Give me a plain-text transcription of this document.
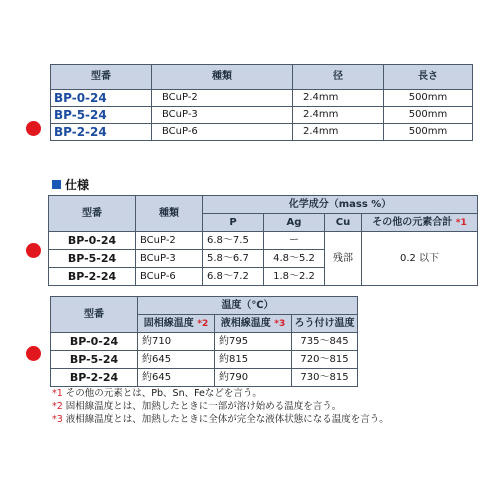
型番	種類	径	長さ
BP-0-24	BCuP-2	2.4mm	500mm
BP-5-24	BCuP-3	2.4mm	500mm
BP-2-24	BCuP-6	2.4mm	500mm
仕様
型番	種類	化学成分（mass %）			
		P	Ag	Cu	その他の元素合計 *1
BP-0-24	BCuP-2	6.8～7.5	ー	残部	0.2 以下
BP-5-24	BCuP-3	5.8～6.7	4.8～5.2		
BP-2-24	BCuP-6	6.8～7.2	1.8～2.2		
型番	温度（℃）		
	固相線温度 *2	液相線温度 *3	ろう付け温度
BP-0-24	約710	約795	735～845
BP-5-24	約645	約815	720～815
BP-2-24	約645	約790	730～815
*1 その他の元素とは、Pb、Sn、Feなどを言う。
*2 固相線温度とは、加熱したときに一部が溶け始める温度を言う。
*3 液相線温度とは、加熱したときに全体が完全な液体状態になる温度を言う。
